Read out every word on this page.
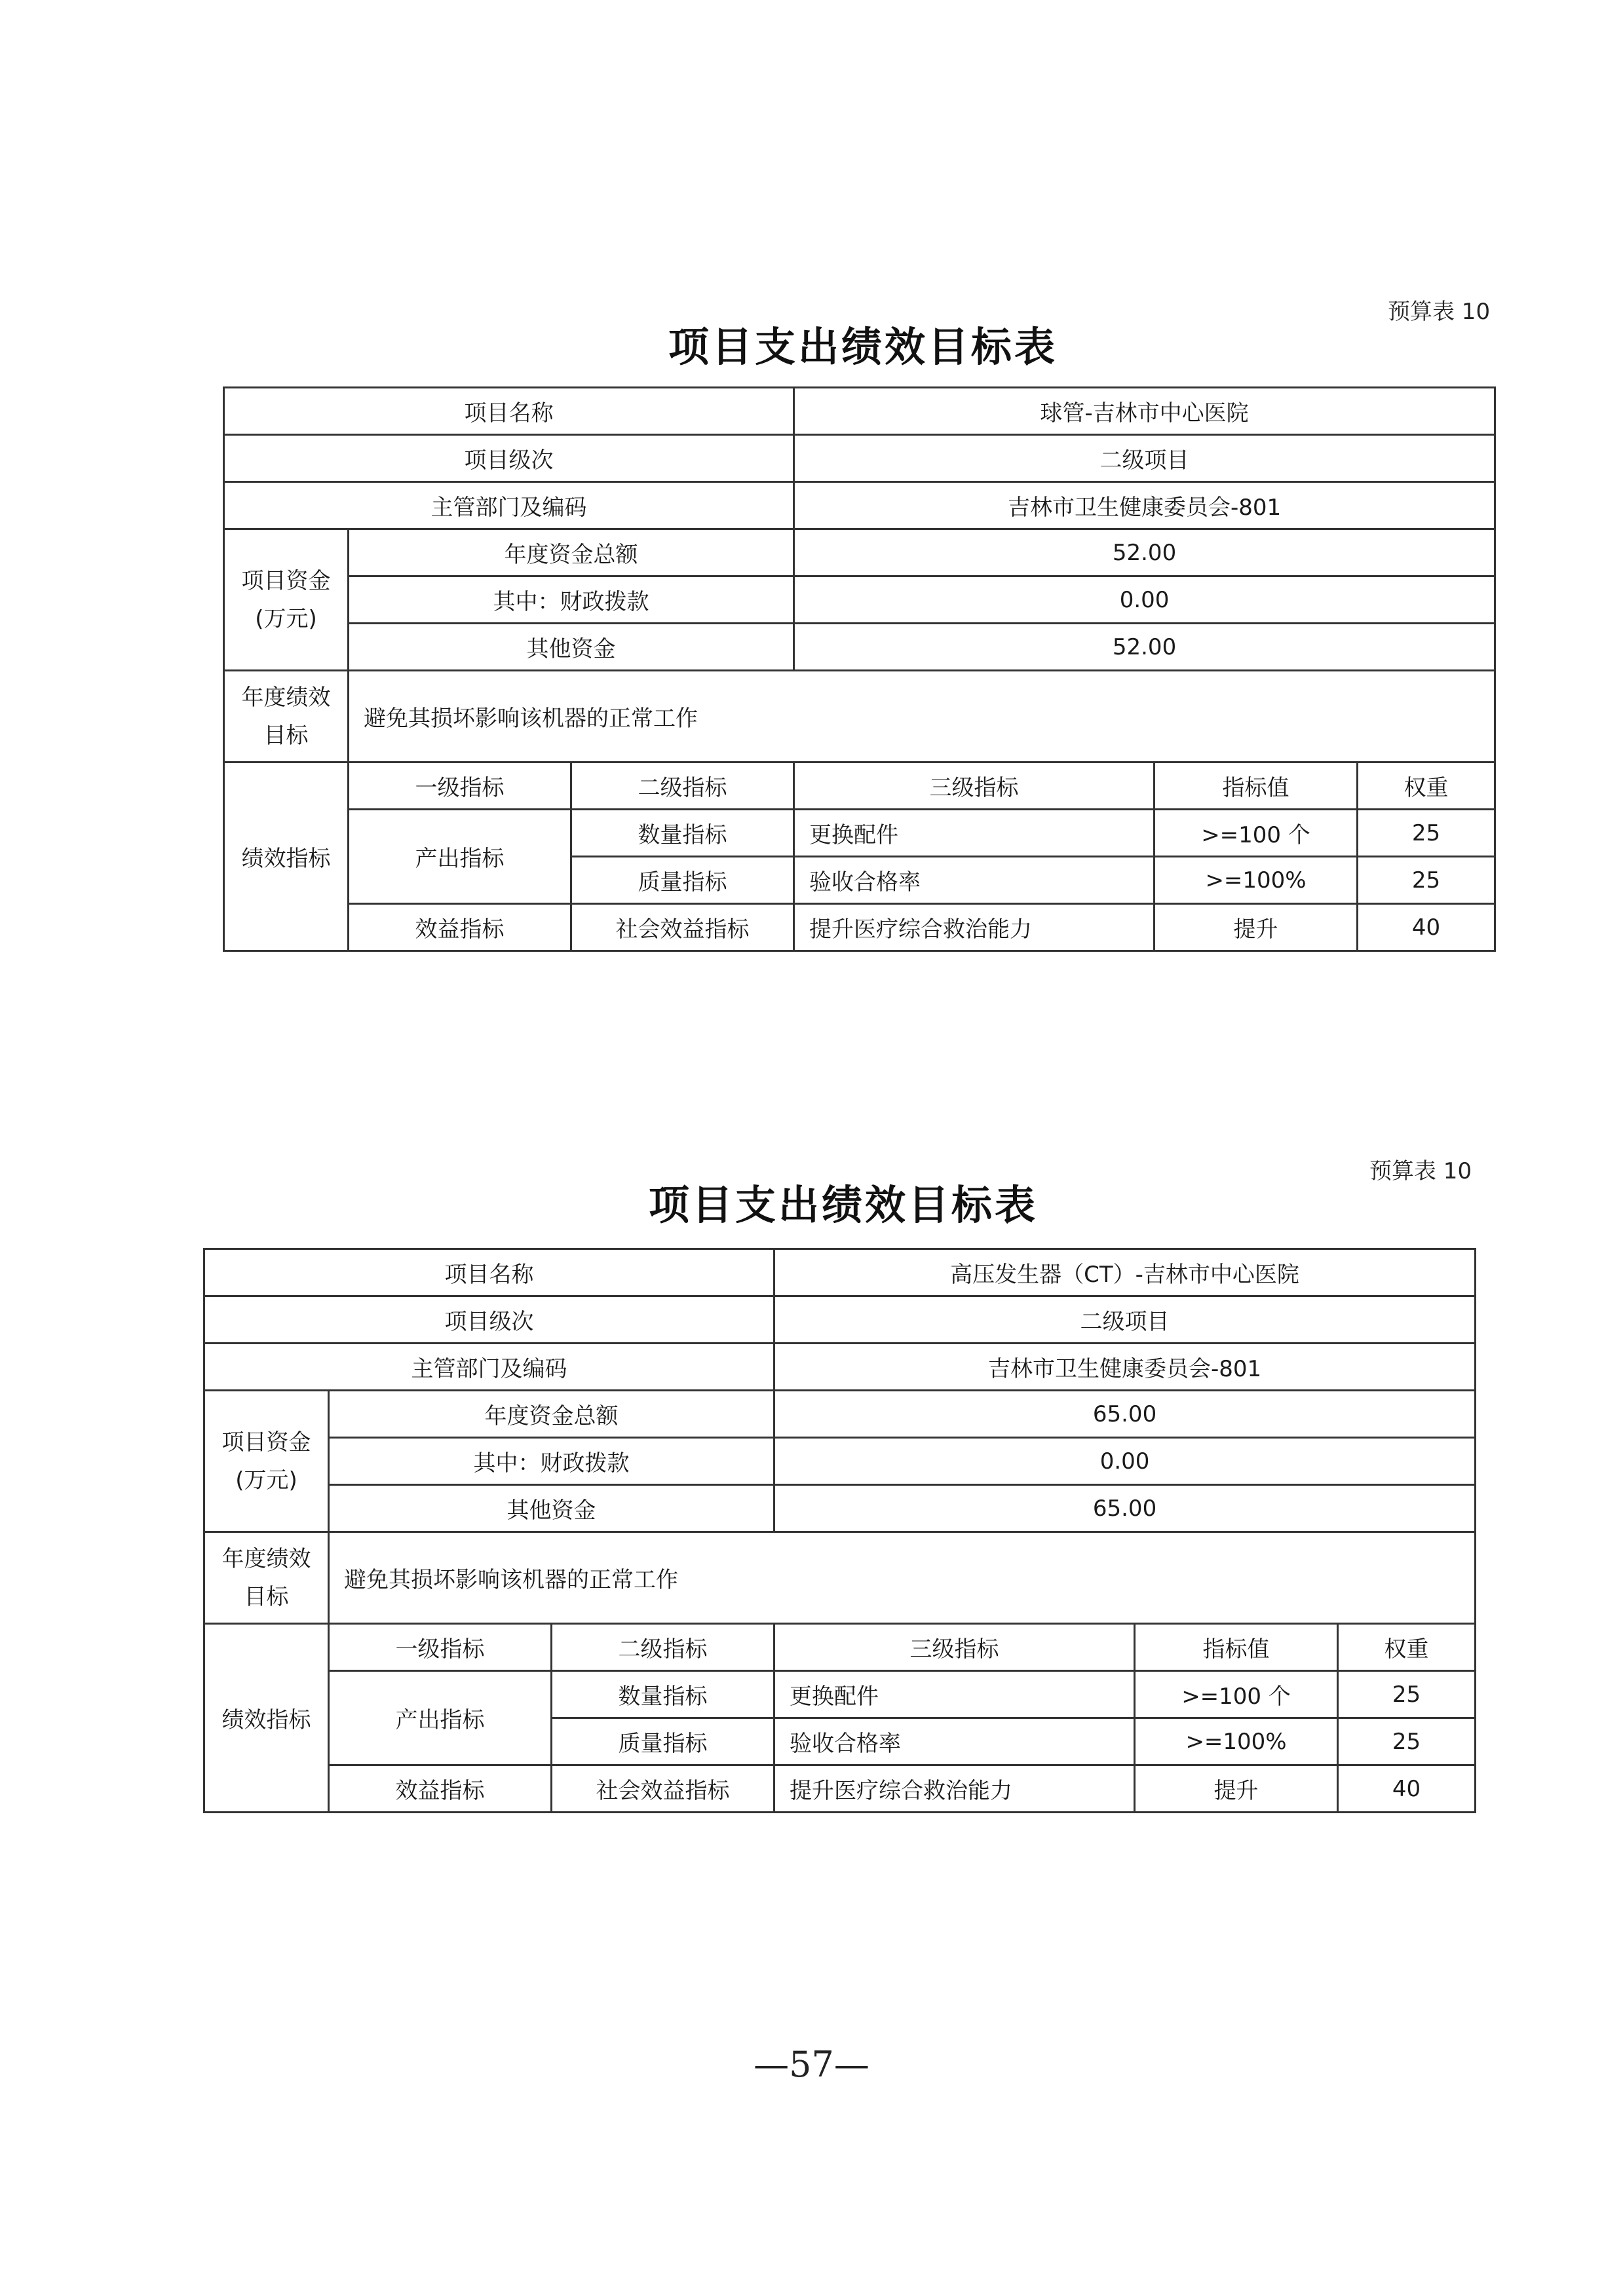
预算表 10
项目支出绩效目标表
项目名称			球管-吉林市中心医院		
项目级次			二级项目		
主管部门及编码			吉林市卫生健康委员会-801		

项目资金
(万元)	年度资金总额		52.00		
	其中：财政拨款		0.00		
	其他资金		52.00		

年度绩效
目标	避免其损坏影响该机器的正常工作				
绩效指标	一级指标	二级指标	三级指标	指标值	权重
	产出指标	数量指标	更换配件	>=100 个	25
		质量指标	验收合格率	>=100%	25
	效益指标	社会效益指标	提升医疗综合救治能力	提升	40
预算表 10
项目支出绩效目标表
项目名称			高压发生器（CT）-吉林市中心医院		
项目级次			二级项目		
主管部门及编码			吉林市卫生健康委员会-801		

项目资金
(万元)	年度资金总额		65.00		
	其中：财政拨款		0.00		
	其他资金		65.00		

年度绩效
目标	避免其损坏影响该机器的正常工作				
绩效指标	一级指标	二级指标	三级指标	指标值	权重
	产出指标	数量指标	更换配件	>=100 个	25
		质量指标	验收合格率	>=100%	25
	效益指标	社会效益指标	提升医疗综合救治能力	提升	40
—57—
